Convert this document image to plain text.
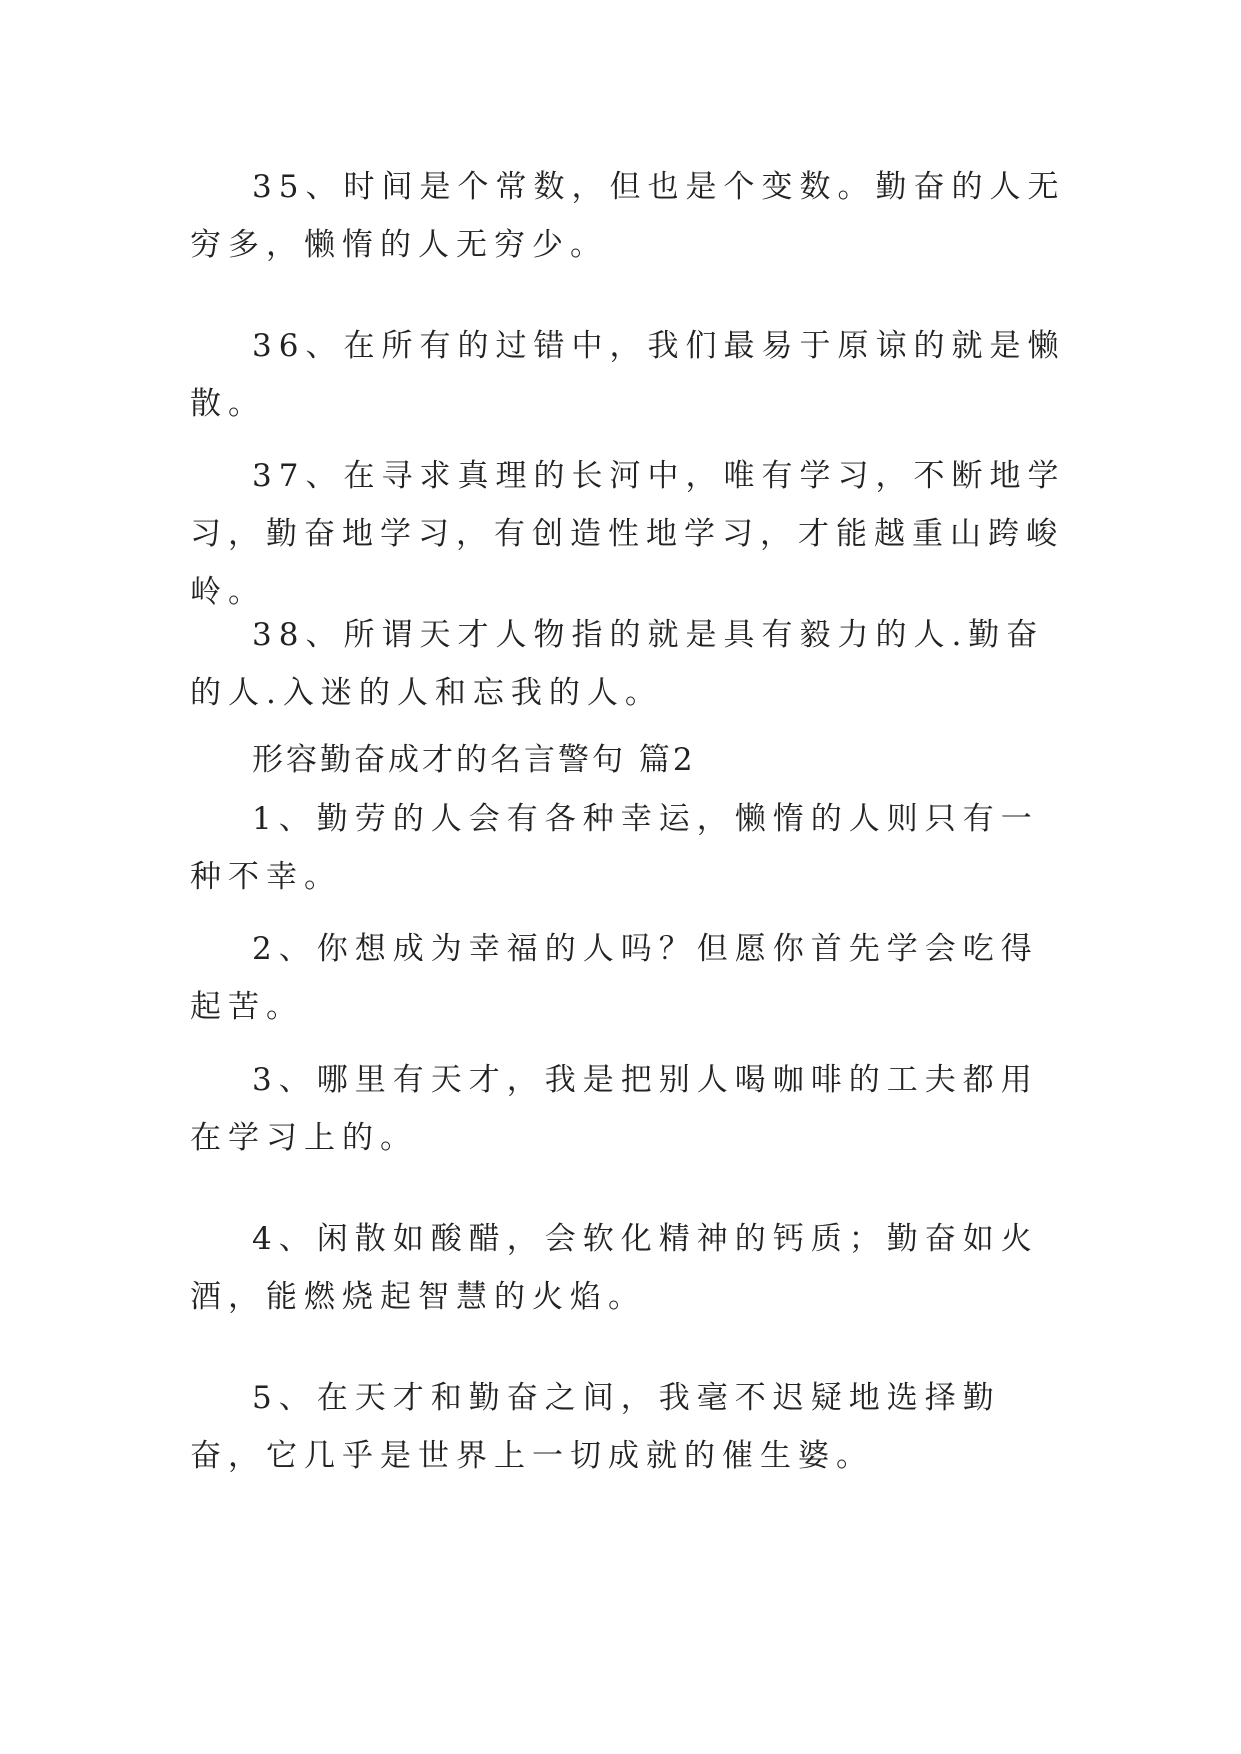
35、时间是个常数，但也是个变数。勤奋的人无穷多，懒惰的人无穷少。

36、在所有的过错中，我们最易于原谅的就是懒散。

37、在寻求真理的长河中，唯有学习，不断地学习，勤奋地学习，有创造性地学习，才能越重山跨峻岭。

38、所谓天才人物指的就是具有毅力的人.勤奋的人.入迷的人和忘我的人。

形容勤奋成才的名言警句 篇2

1、勤劳的人会有各种幸运，懒惰的人则只有一种不幸。

2、你想成为幸福的人吗？但愿你首先学会吃得起苦。

3、哪里有天才，我是把别人喝咖啡的工夫都用在学习上的。

4、闲散如酸醋，会软化精神的钙质；勤奋如火酒，能燃烧起智慧的火焰。

5、在天才和勤奋之间，我毫不迟疑地选择勤奋，它几乎是世界上一切成就的催生婆。
